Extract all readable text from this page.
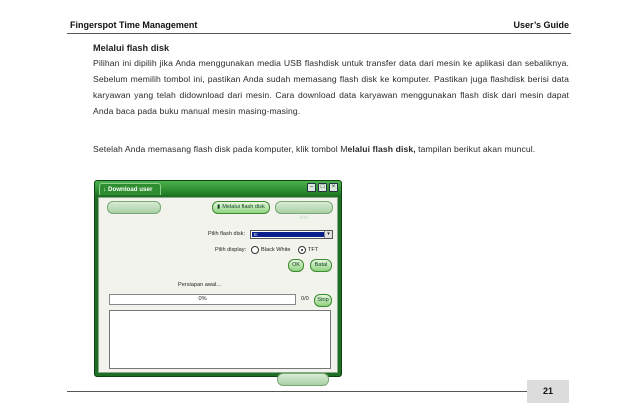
Fingerspot Time Management	User’s Guide
Melalui flash disk

Pilihan ini dipilih jika Anda menggunakan media USB flashdisk untuk transfer data dari mesin ke aplikasi dan sebaliknya. Sebelum memilih tombol ini, pastikan Anda sudah memasang flash disk ke komputer. Pastikan juga flashdisk berisi data karyawan yang telah didownload dari mesin. Cara download data karyawan menggunakan flash disk dari mesin dapat Anda baca pada buku manual mesin masing-masing.

Setelah Anda memasang flash disk pada komputer, klik tombol Melalui flash disk, tampilan berikut akan muncul.

↓ Download user	–	□	×
⇅ Melalui jaringan	▮ Melalui flash disk	↓ Download ke flash disk
Pilih flash disk:	E:	▾
Pilih display:	Black White	TFT
OK	Batal
Persiapan awal...
0%	0/0	Stop
Upload ke mesin
21
